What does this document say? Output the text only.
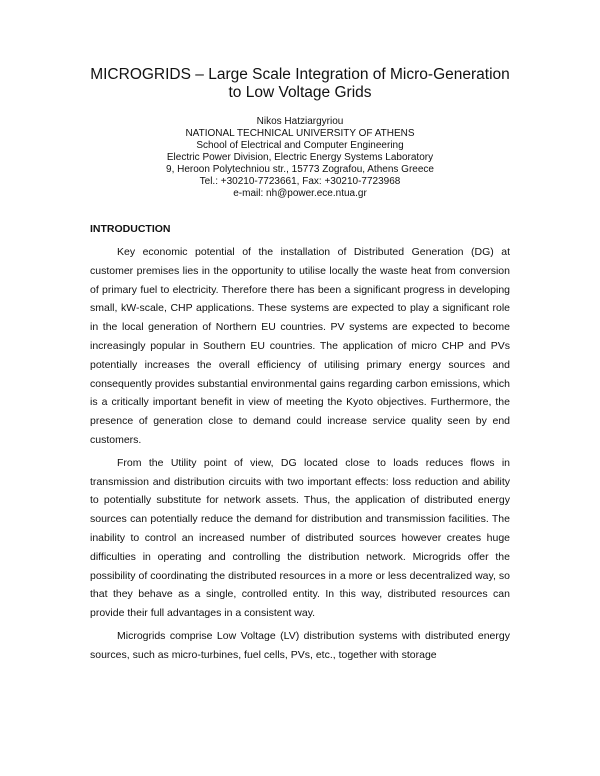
MICROGRIDS – Large Scale Integration of Micro-Generation
to Low Voltage Grids
Nikos Hatziargyriou
NATIONAL TECHNICAL UNIVERSITY OF ATHENS
School of Electrical and Computer Engineering
Electric Power Division, Electric Energy Systems Laboratory
9, Heroon Polytechniou str., 15773 Zografou, Athens Greece
Tel.: +30210-7723661, Fax: +30210-7723968
e-mail: nh@power.ece.ntua.gr
INTRODUCTION

Key economic potential of the installation of Distributed Generation (DG) at customer premises lies in the opportunity to utilise locally the waste heat from conversion of primary fuel to electricity. Therefore there has been a significant progress in developing small, kW-scale, CHP applications. These systems are expected to play a significant role in the local generation of Northern EU countries. PV systems are expected to become increasingly popular in Southern EU countries. The application of micro CHP and PVs potentially increases the overall efficiency of utilising primary energy sources and consequently provides substantial environmental gains regarding carbon emissions, which is a critically important benefit in view of meeting the Kyoto objectives. Furthermore, the presence of generation close to demand could increase service quality seen by end customers.

From the Utility point of view, DG located close to loads reduces flows in transmission and distribution circuits with two important effects: loss reduction and ability to potentially substitute for network assets. Thus, the application of distributed energy sources can potentially reduce the demand for distribution and transmission facilities. The inability to control an increased number of distributed sources however creates huge difficulties in operating and controlling the distribution network. Microgrids offer the possibility of coordinating the distributed resources in a more or less decentralized way, so that they behave as a single, controlled entity. In this way, distributed resources can provide their full advantages in a consistent way.

Microgrids comprise Low Voltage (LV) distribution systems with distributed energy sources, such as micro-turbines, fuel cells, PVs, etc., together with storage
